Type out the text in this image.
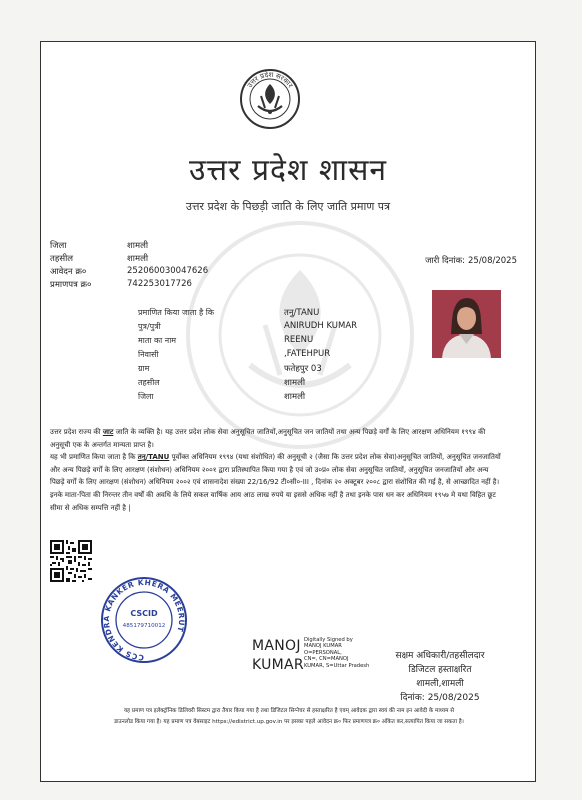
उत्तर प्रदेश सरकार
उत्तर प्रदेश शासन
उत्तर प्रदेश के पिछड़ी जाति के लिए जाति प्रमाण पत्र
जिला	शामली
तहसील	शामली
आवेदन क्र०	252060030047626
प्रमाणपत्र क्र०	742253017726
जारी दिनांक: 25/08/2025
प्रमाणित किया जाता है कि	तनु/TANU
पुत्र/पुत्री	ANIRUDH KUMAR
माता का नाम	REENU
निवासी	,FATEHPUR
ग्राम	फतेहपुर 03
तहसील	शामली
जिला	शामली
उत्तर प्रदेश राज्य की जाट जाति के व्यक्ति है। यह उत्तर प्रदेश लोक सेवा अनुसूचित जातियों,अनुसूचित जन जातियों तथा अन्य पिछड़े वर्गों के लिए आरक्षण अधिनियम १९९४ की अनुसूची एक के अन्तर्गत मान्यता प्राप्त है।
यह भी प्रमाणित किया जाता है कि तनु/TANU पूर्वोक्त अधिनियम १९९४ (यथा संशोधित) की अनुसूची २ (जैसा कि उत्तर प्रदेश लोक सेवा)अनुसूचित जातियों, अनुसूचित जनजातियों और अन्य पिछड़े वर्गों के लिए आरक्षण (संशोधन) अधिनियम २००१ द्वारा प्रतिस्थापित किया गया है एवं जो उ०प्र० लोक सेवा अनुसूचित जातियों, अनुसूचित जनजातियों और अन्य पिछड़े वर्गों के लिए आरक्षण (संशोधन) अधिनियम २००२ एवं शासनादेश संख्या 22/16/92 टी०सी०-III , दिनांक २० अक्टूबर २००८ द्वारा संशोधित की गई है, से आच्छादित नहीं है।इनके माता-पिता की निरन्तर तीन वर्षों की अवधि के लिये सकल वार्षिक आय आठ लाख रुपये या इससे अधिक नहीं है तथा इनके पास धन कर अधिनियम १९५७ मे यथा विहित छूट सीमा से अधिक सम्पत्ति नहीं है |
CCS KENDRA KANKER KHERA MEERUT
CSCID
485179710012
MANOJ
KUMAR
Digitally Signed by
MANOJ KUMAR
O=PERSONAL,
CN=, CN=MANOJ
KUMAR, S=Uttar Pradesh
सक्षम अधिकारी/तहसीलदार
डिजिटल हस्ताक्षरित
शामली,शामली
दिनांक: 25/08/2025
यह प्रमाण पत्र इलेक्ट्रॉनिक डिलिवरी सिस्टम द्वारा तैयार किया गया है तथा डिजिटल सिग्नेचर से हस्ताक्षरित है एवम् आवेदक द्वारा स्वयं की नाम इन आवेदी के माध्यम से
डाउनलोड किया गया है। यह प्रमाण पत्र वेबसाइट https://edistrict.up.gov.in पर इसका पहले आवेदन क्र० फिर प्रमाणपत्र क्र० अंकित कर,सत्यापित किया जा सकता है।
